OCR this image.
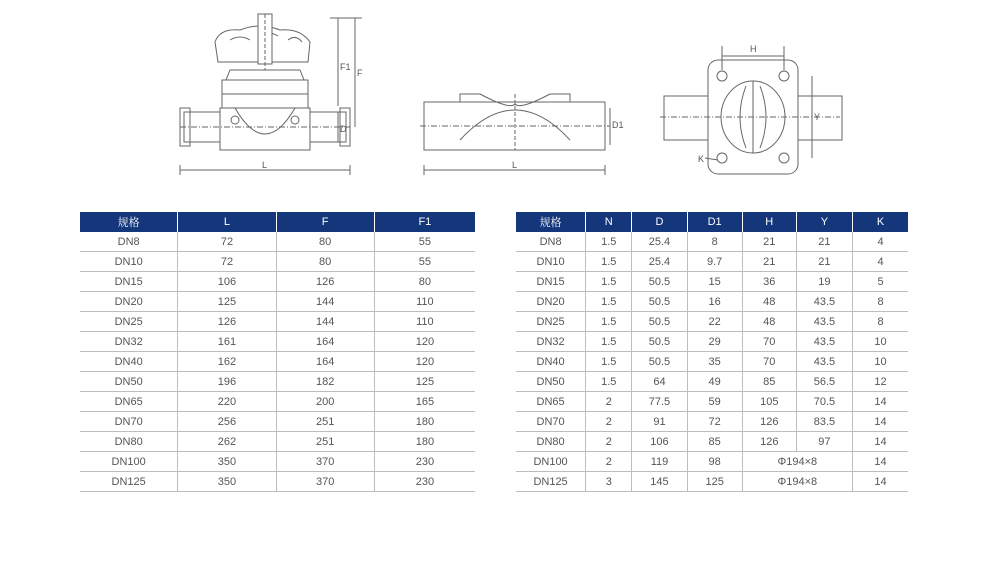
F1
F
D
L
D1
L
H
Y
K
规格	L	F	F1
DN8	72	80	55
DN10	72	80	55
DN15	106	126	80
DN20	125	144	110
DN25	126	144	110
DN32	161	164	120
DN40	162	164	120
DN50	196	182	125
DN65	220	200	165
DN70	256	251	180
DN80	262	251	180
DN100	350	370	230
DN125	350	370	230
规格	N	D	D1	H	Y	K
DN8	1.5	25.4	8	21	21	4
DN10	1.5	25.4	9.7	21	21	4
DN15	1.5	50.5	15	36	19	5
DN20	1.5	50.5	16	48	43.5	8
DN25	1.5	50.5	22	48	43.5	8
DN32	1.5	50.5	29	70	43.5	10
DN40	1.5	50.5	35	70	43.5	10
DN50	1.5	64	49	85	56.5	12
DN65	2	77.5	59	105	70.5	14
DN70	2	91	72	126	83.5	14
DN80	2	106	85	126	97	14
DN100	2	119	98	Φ194×8		14
DN125	3	145	125	Φ194×8		14
